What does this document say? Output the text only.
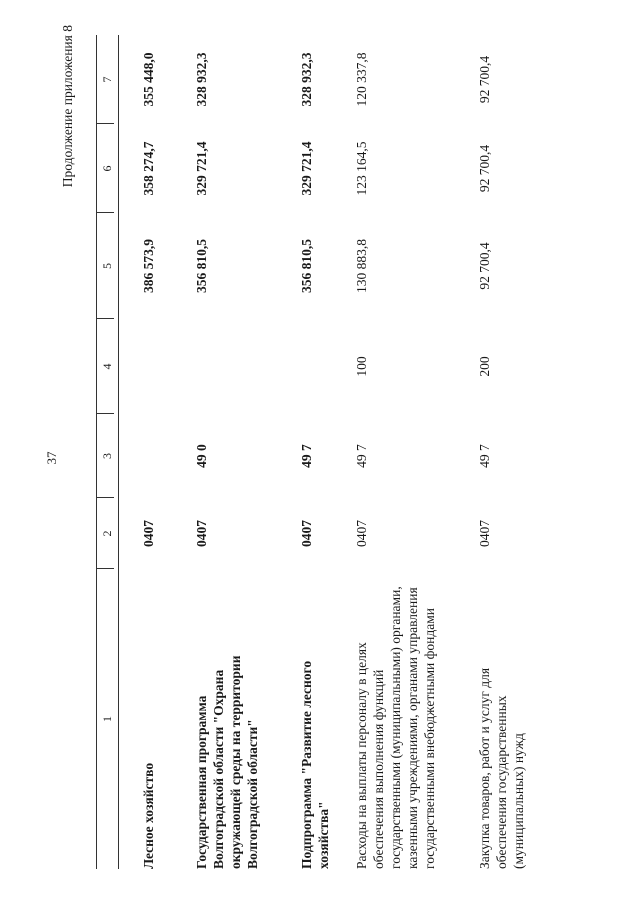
37
Продолжение приложения 8
1
2
3
4
5
6
7
Лесное хозяйство
0407
386 573,9
358 274,7
355 448,0
Государственная программа Волгоградской области "Охрана окружающей среды на территории Волгоградской области"
0407
49 0
356 810,5
329 721,4
328 932,3
Подпрограмма "Развитие лесного хозяйства"
0407
49 7
356 810,5
329 721,4
328 932,3
Расходы на выплаты персоналу в целях обеспечения выполнения функций государственными (муниципальными) органами, казенными учреждениями, органами управления государственными внебюджетными фондами
0407
49 7
100
130 883,8
123 164,5
120 337,8
Закупка товаров, работ и услуг для обеспечения государственных (муниципальных) нужд
0407
49 7
200
92 700,4
92 700,4
92 700,4
